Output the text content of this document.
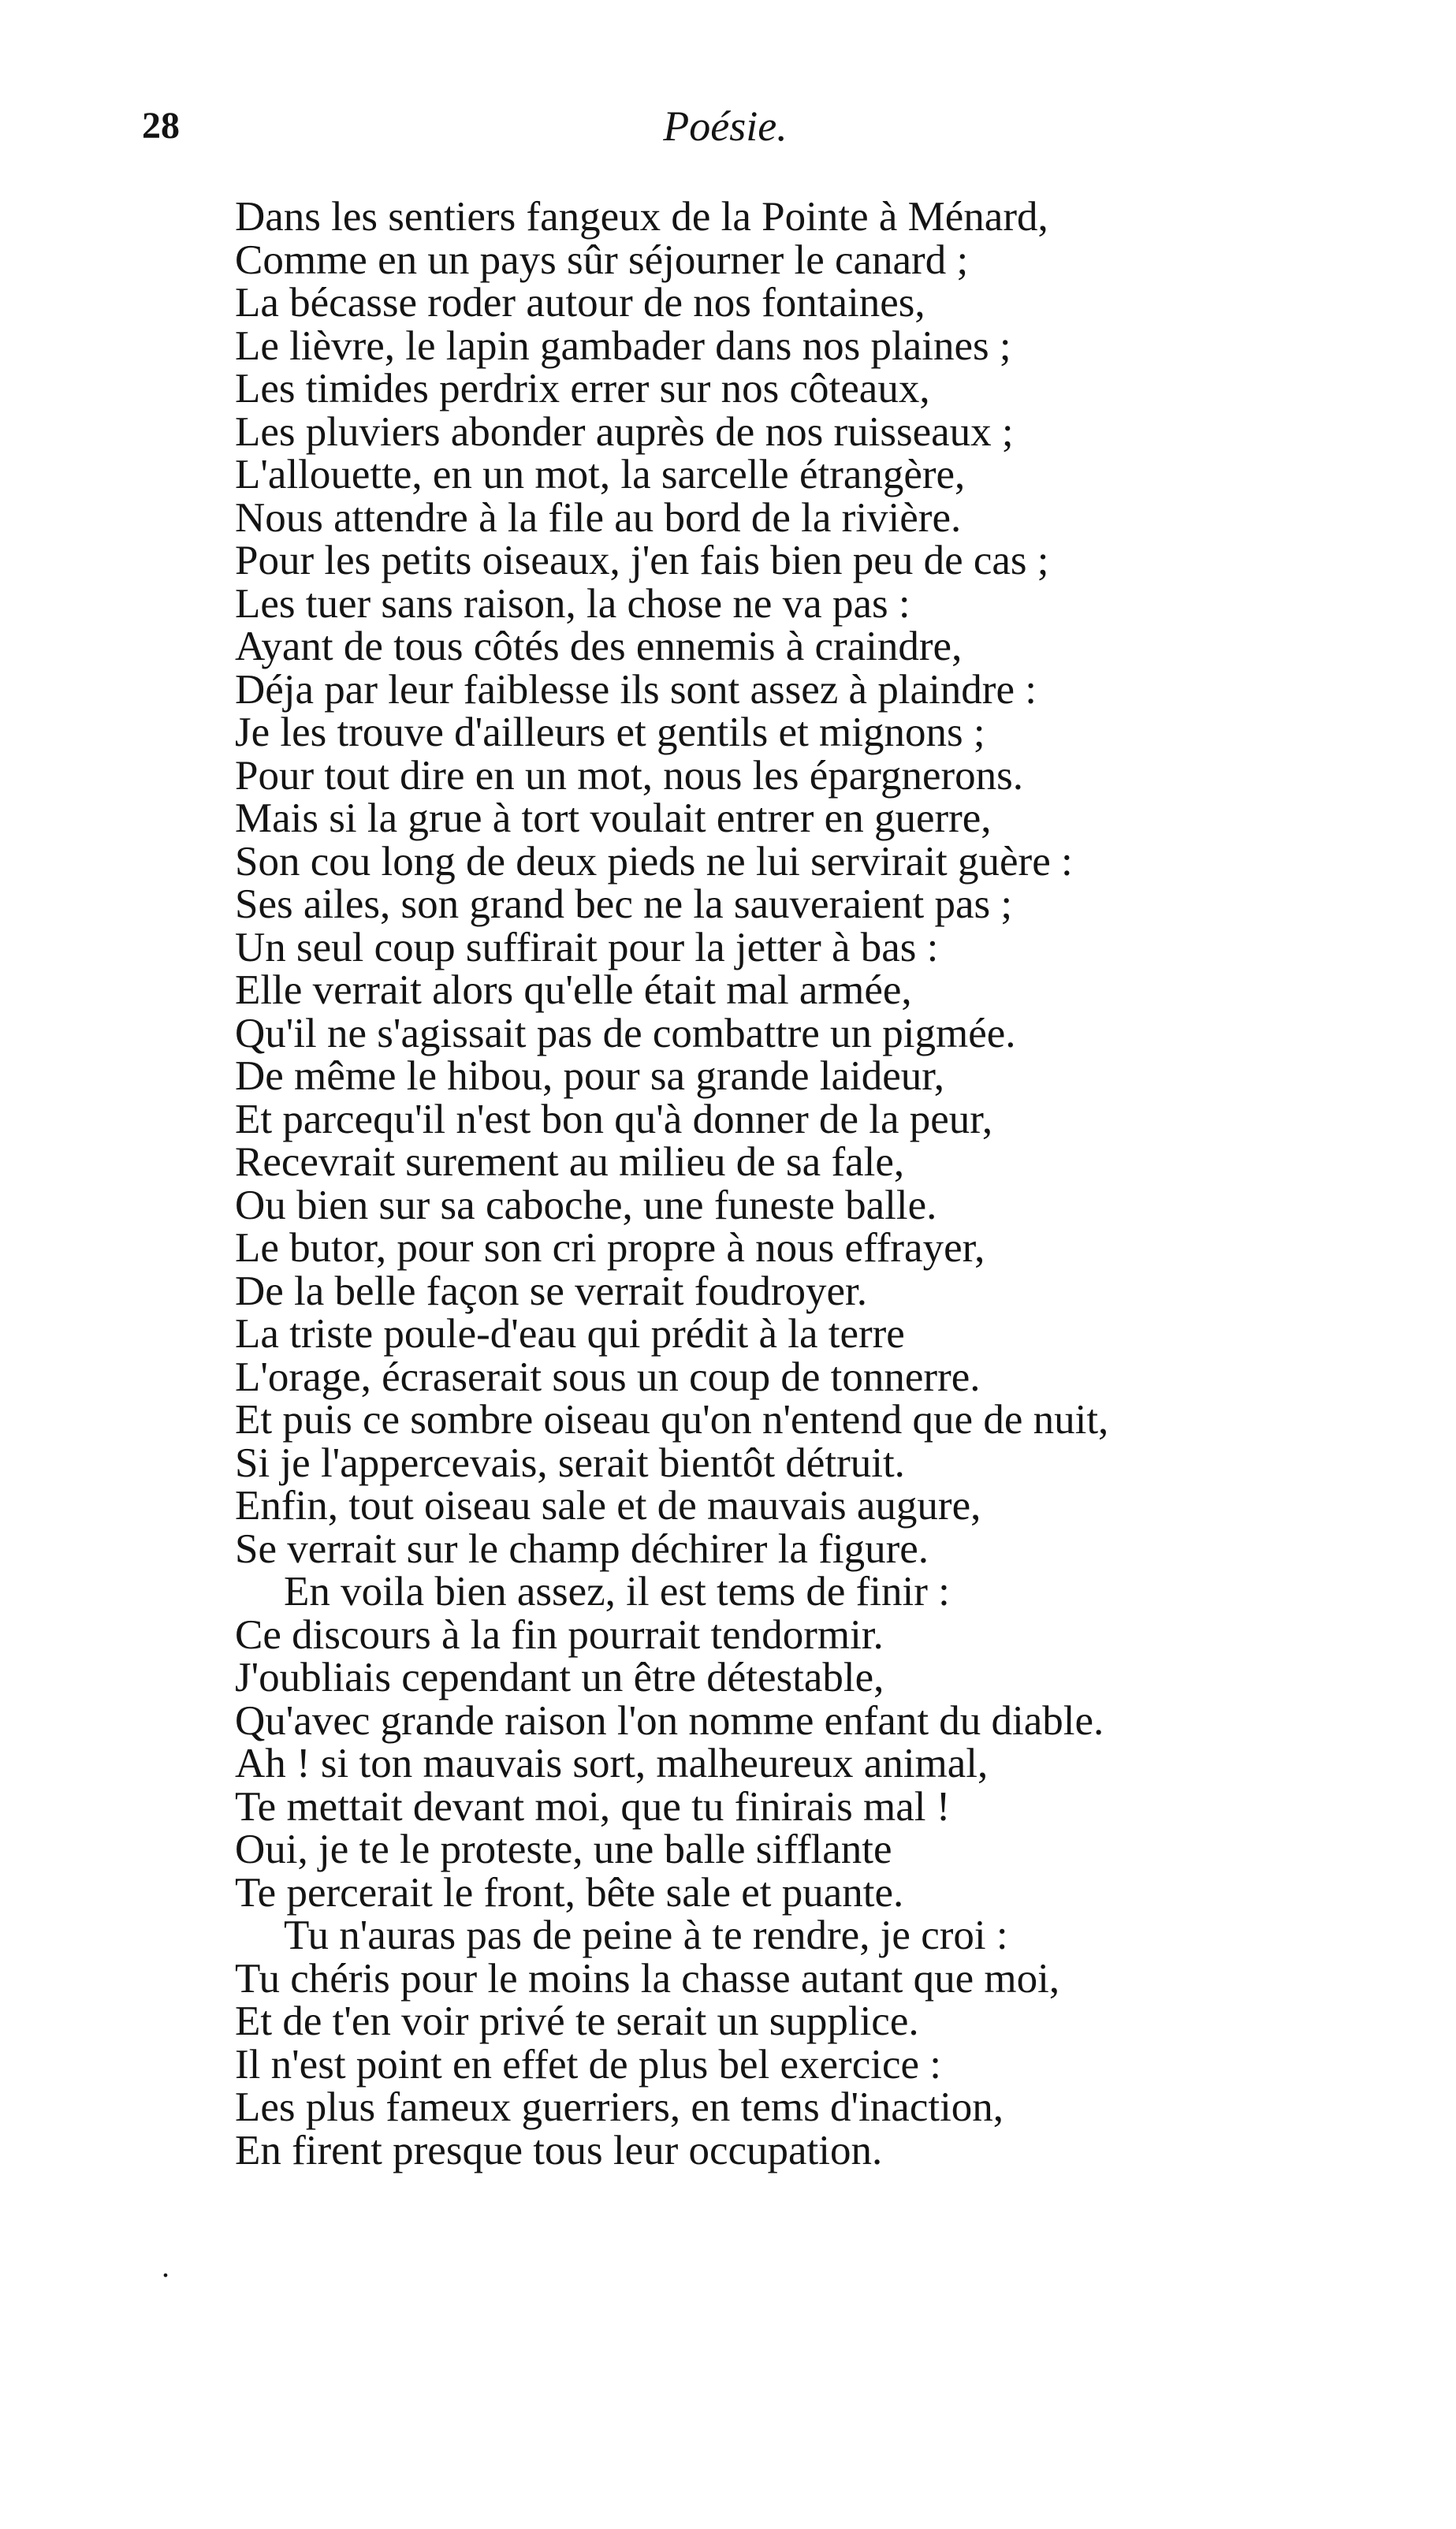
28	Poésie.
Dans les sentiers fangeux de la Pointe à Ménard,
Comme en un pays sûr séjourner le canard ;
La bécasse roder autour de nos fontaines,
Le lièvre, le lapin gambader dans nos plaines ;
Les timides perdrix errer sur nos côteaux,
Les pluviers abonder auprès de nos ruisseaux ;
L'allouette, en un mot, la sarcelle étrangère,
Nous attendre à la file au bord de la rivière.
Pour les petits oiseaux, j'en fais bien peu de cas ;
Les tuer sans raison, la chose ne va pas :
Ayant de tous côtés des ennemis à craindre,
Déja par leur faiblesse ils sont assez à plaindre :
Je les trouve d'ailleurs et gentils et mignons ;
Pour tout dire en un mot, nous les épargnerons.
Mais si la grue à tort voulait entrer en guerre,
Son cou long de deux pieds ne lui servirait guère :
Ses ailes, son grand bec ne la sauveraient pas ;
Un seul coup suffirait pour la jetter à bas :
Elle verrait alors qu'elle était mal armée,
Qu'il ne s'agissait pas de combattre un pigmée.
De même le hibou, pour sa grande laideur,
Et parcequ'il n'est bon qu'à donner de la peur,
Recevrait surement au milieu de sa fale,
Ou bien sur sa caboche, une funeste balle.
Le butor, pour son cri propre à nous effrayer,
De la belle façon se verrait foudroyer.
La triste poule-d'eau qui prédit à la terre
L'orage, écraserait sous un coup de tonnerre.
Et puis ce sombre oiseau qu'on n'entend que de nuit,
Si je l'appercevais, serait bientôt détruit.
Enfin, tout oiseau sale et de mauvais augure,
Se verrait sur le champ déchirer la figure.
En voila bien assez, il est tems de finir :
Ce discours à la fin pourrait tendormir.
J'oubliais cependant un être détestable,
Qu'avec grande raison l'on nomme enfant du diable.
Ah ! si ton mauvais sort, malheureux animal,
Te mettait devant moi, que tu finirais mal !
Oui, je te le proteste, une balle sifflante
Te percerait le front, bête sale et puante.
Tu n'auras pas de peine à te rendre, je croi :
Tu chéris pour le moins la chasse autant que moi,
Et de t'en voir privé te serait un supplice.
Il n'est point en effet de plus bel exercice :
Les plus fameux guerriers, en tems d'inaction,
En firent presque tous leur occupation.
.
